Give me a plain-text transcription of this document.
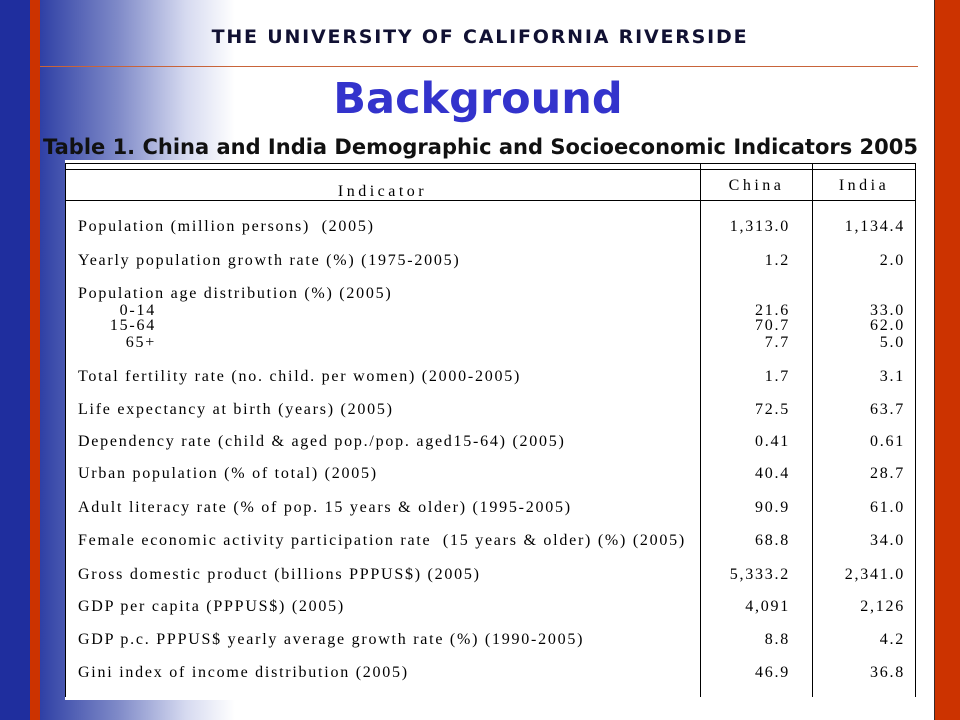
THE UNIVERSITY OF CALIFORNIA RIVERSIDE
Background
Table 1. China and India Demographic and Socioeconomic Indicators 2005
Indicator	China	India
Population (million persons)  (2005)	1,313.0	1,134.4
Yearly population growth rate (%) (1975-2005)	1.2	2.0
Population age distribution (%) (2005)
0-14	21.6	33.0
15-64	70.7	62.0
65+	7.7	5.0
Total fertility rate (no. child. per women) (2000-2005)	1.7	3.1
Life expectancy at birth (years) (2005)	72.5	63.7
Dependency rate (child & aged pop./pop. aged15-64) (2005)	0.41	0.61
Urban population (% of total) (2005)	40.4	28.7
Adult literacy rate (% of pop. 15 years & older) (1995-2005)	90.9	61.0
Female economic activity participation rate  (15 years & older) (%) (2005)	68.8	34.0
Gross domestic product (billions PPPUS$) (2005)	5,333.2	2,341.0
GDP per capita (PPPUS$) (2005)	4,091	2,126
GDP p.c. PPPUS$ yearly average growth rate (%) (1990-2005)	8.8	4.2
Gini index of income distribution (2005)	46.9	36.8
